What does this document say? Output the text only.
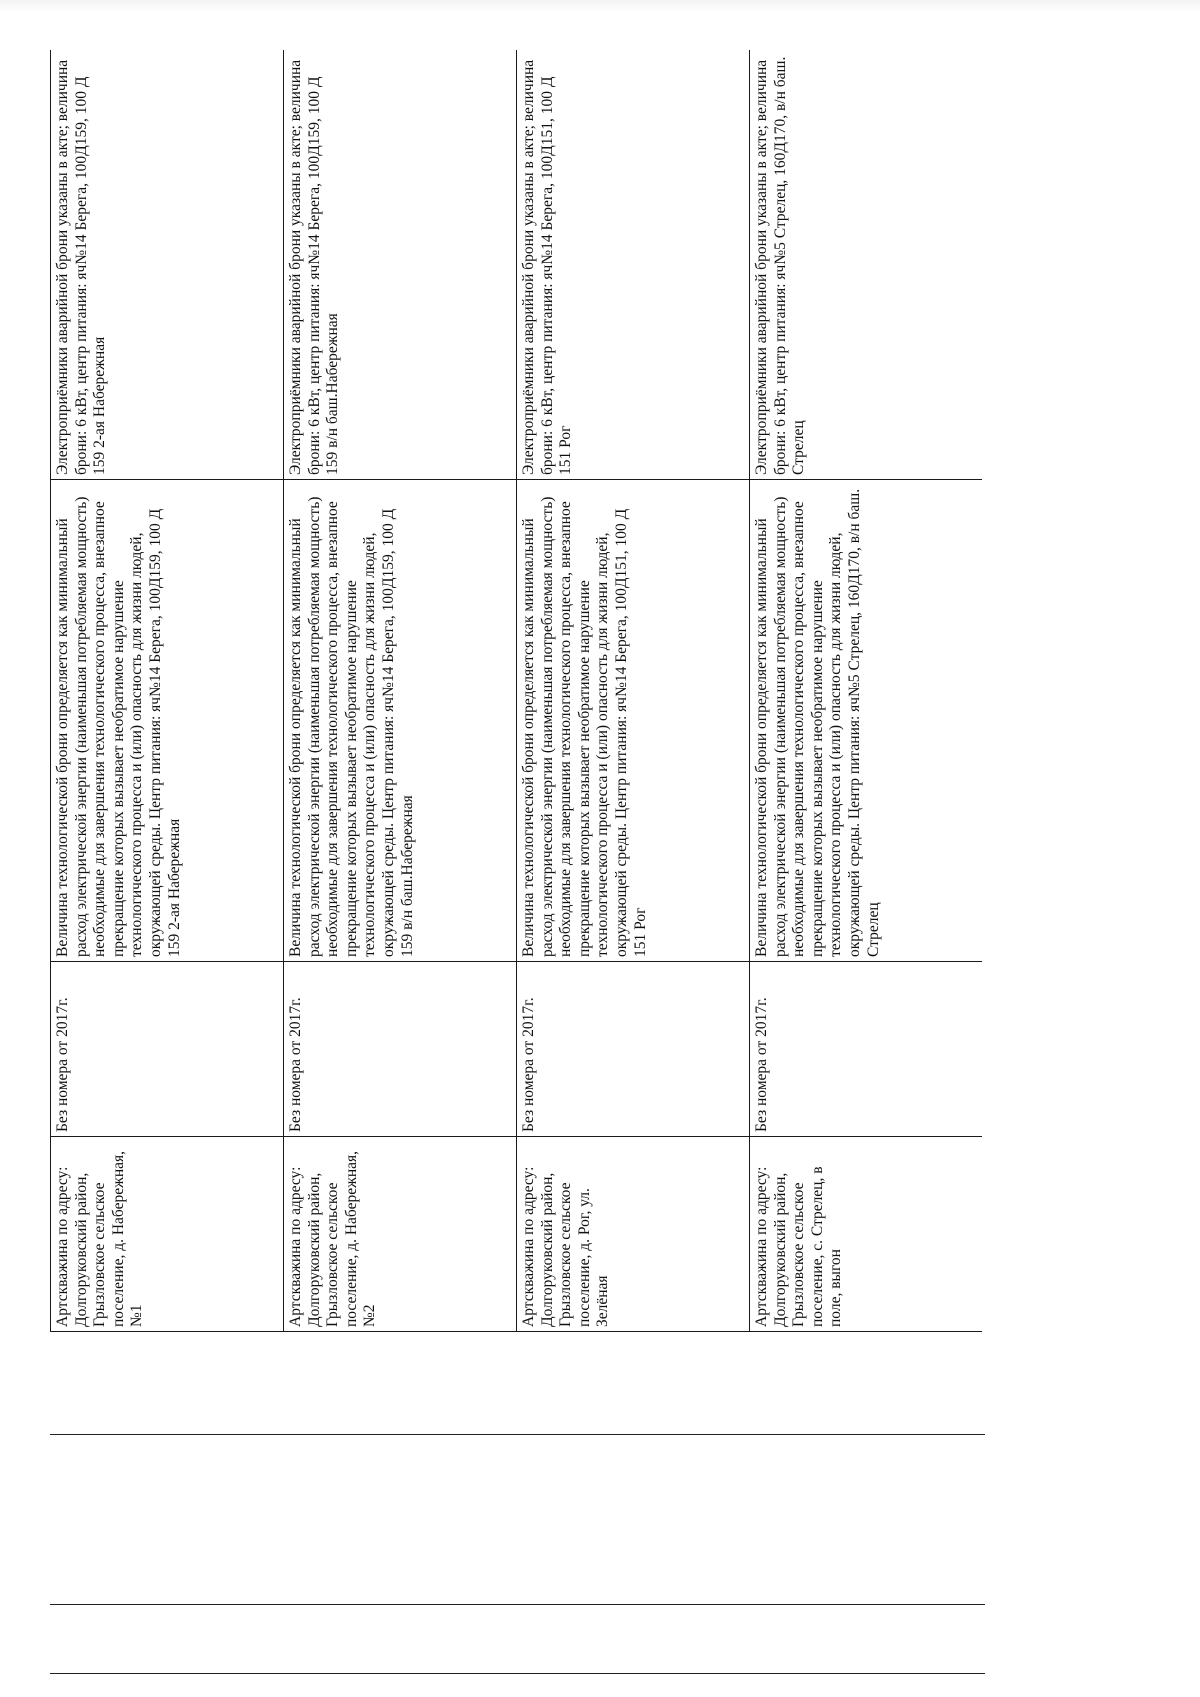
Артскважина по адресу: Долгоруковский район, Грызловское сельское поселение, д. Набережная, №1	Без номера от 2017г.	Величина технологической брони определяется как минимальный расход электрической энергии (наименьшая потребляемая мощность) необходимые для завершения технологического процесса, внезапное прекращение которых вызывает необратимое нарушение технологического процесса и (или) опасность для жизни людей, окружающей среды. Центр питания: яч№14 Берега, 100Д159, 100 Д 159 2-ая Набережная	Электроприёмники аварийной брони указаны в акте; величина брони: 6 кВт, центр питания: яч№14 Берега, 100Д159, 100 Д 159 2-ая Набережная
Артскважина по адресу: Долгоруковский район, Грызловское сельское поселение, д. Набережная, №2	Без номера от 2017г.	Величина технологической брони определяется как минимальный расход электрической энергии (наименьшая потребляемая мощность) необходимые для завершения технологического процесса, внезапное прекращение которых вызывает необратимое нарушение технологического процесса и (или) опасность для жизни людей, окружающей среды. Центр питания: яч№14 Берега, 100Д159, 100 Д 159 в/н баш.Набережная	Электроприёмники аварийной брони указаны в акте; величина брони: 6 кВт, центр питания: яч№14 Берега, 100Д159, 100 Д 159 в/н баш.Набережная
Артскважина по адресу: Долгоруковский район, Грызловское сельское поселение, д. Рог, ул. Зелёная	Без номера от 2017г.	Величина технологической брони определяется как минимальный расход электрической энергии (наименьшая потребляемая мощность) необходимые для завершения технологического процесса, внезапное прекращение которых вызывает необратимое нарушение технологического процесса и (или) опасность для жизни людей, окружающей среды. Центр питания: яч№14 Берега, 100Д151, 100 Д 151 Рог	Электроприёмники аварийной брони указаны в акте; величина брони: 6 кВт, центр питания: яч№14 Берега, 100Д151, 100 Д 151 Рог
Артскважина по адресу: Долгоруковский район, Грызловское сельское поселение, с. Стрелец, в поле, выгон	Без номера от 2017г.	Величина технологической брони определяется как минимальный расход электрической энергии (наименьшая потребляемая мощность) необходимые для завершения технологического процесса, внезапное прекращение которых вызывает необратимое нарушение технологического процесса и (или) опасность для жизни людей, окружающей среды. Центр питания: яч№5 Стрелец, 160Д170, в/н баш. Стрелец	Электроприёмники аварийной брони указаны в акте; величина брони: 6 кВт, центр питания: яч№5 Стрелец, 160Д170, в/н баш. Стрелец
